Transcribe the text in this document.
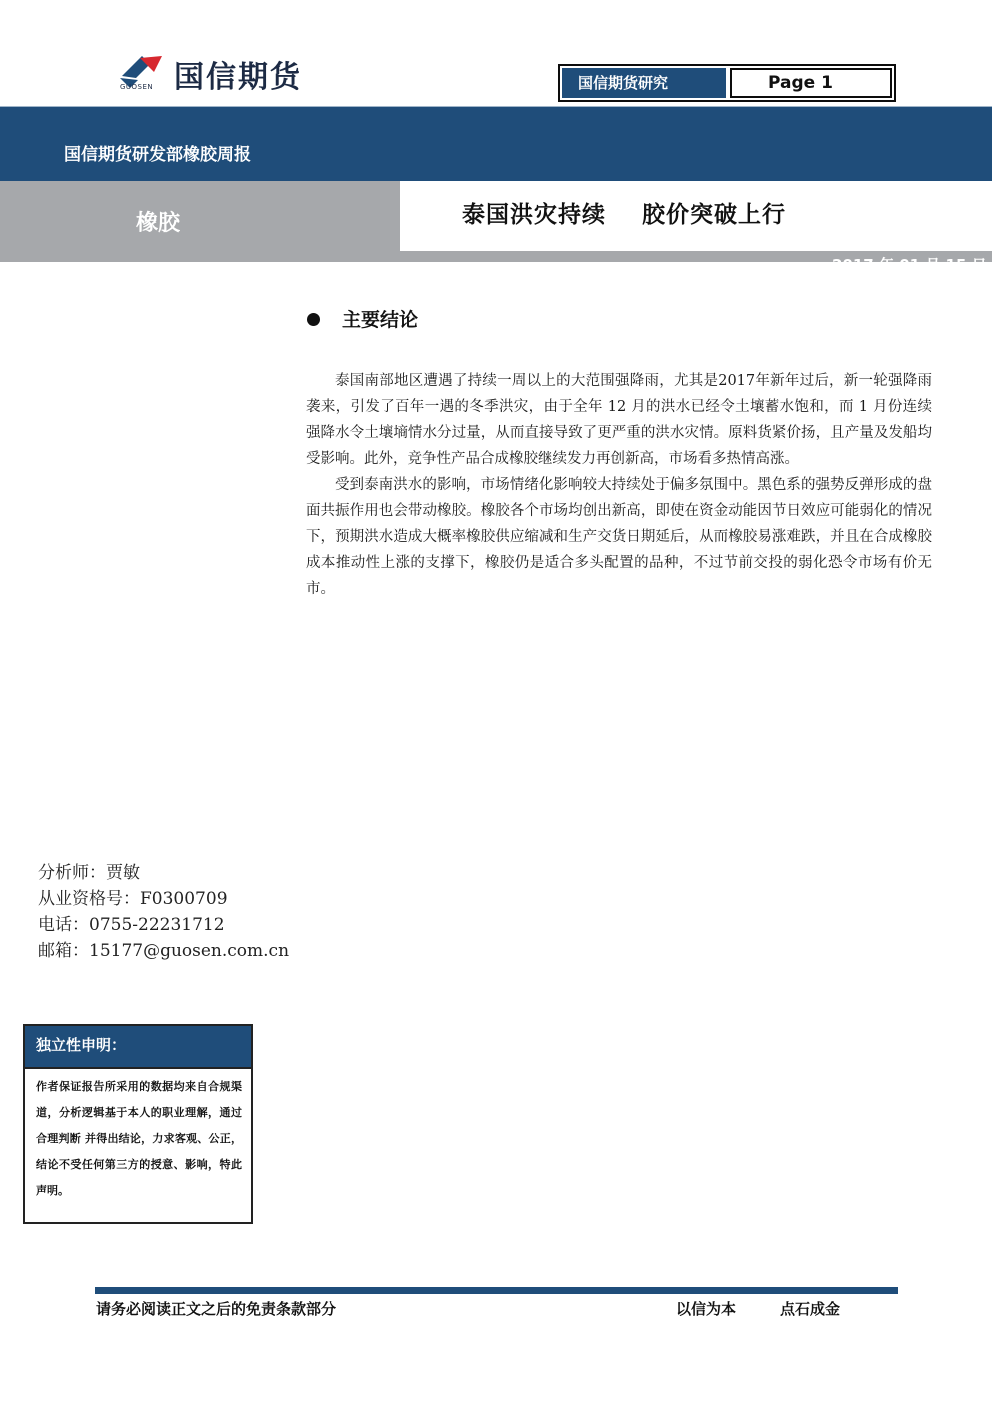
国信期货
GUOSEN	国信期货研究	Page 1
国信期货研发部橡胶周报
橡胶	泰国洪灾持续    胶价突破上行
2017 年 01 月 15 日
主要结论

泰国南部地区遭遇了持续一周以上的大范围强降雨，尤其是2017年新年过后，新一轮强降雨袭来，引发了百年一遇的冬季洪灾，由于全年 12 月的洪水已经令土壤蓄水饱和，而 1 月份连续强降水令土壤墒情水分过量，从而直接导致了更严重的洪水灾情。原料货紧价扬，且产量及发船均受影响。此外，竞争性产品合成橡胶继续发力再创新高，市场看多热情高涨。

受到泰南洪水的影响，市场情绪化影响较大持续处于偏多氛围中。黑色系的强势反弹形成的盘面共振作用也会带动橡胶。橡胶各个市场均创出新高，即使在资金动能因节日效应可能弱化的情况下，预期洪水造成大概率橡胶供应缩减和生产交货日期延后，从而橡胶易涨难跌，并且在合成橡胶成本推动性上涨的支撑下，橡胶仍是适合多头配置的品种，不过节前交投的弱化恐令市场有价无市。

分析师：贾敏
从业资格号：F0300709
电话：0755-22231712
邮箱：15177@guosen.com.cn
独立性申明：
作者保证报告所采用的数据均来自合规渠道，分析逻辑基于本人的职业理解，通过合理判断 并得出结论，力求客观、公正，结论不受任何第三方的授意、影响，特此声明。
请务必阅读正文之后的免责条款部分	以信为本	点石成金
